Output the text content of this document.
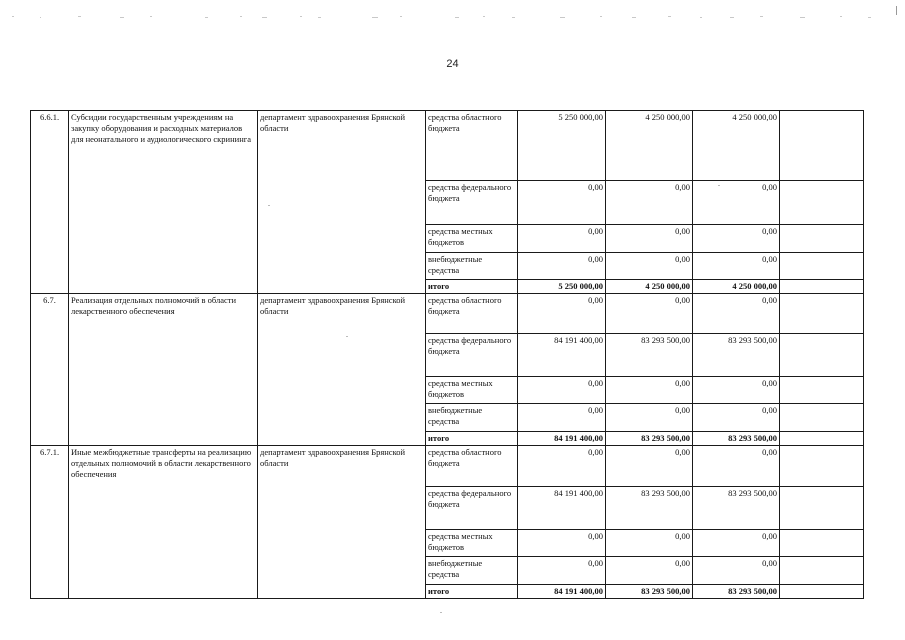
24
6.6.1.	Субсидии государственным учреждениям на закупку оборудования и расходных материалов для неонатального и аудиологического скрининга	департамент здравоохранения Брянской области	средства областного бюджета	5 250 000,00	4 250 000,00	4 250 000,00	
			средства федерального бюджета	0,00	0,00	0,00	
			средства местных бюджетов	0,00	0,00	0,00	
			внебюджетные средства	0,00	0,00	0,00	
			итого	5 250 000,00	4 250 000,00	4 250 000,00	
6.7.	Реализация отдельных полномочий в области лекарственного обеспечения	департамент здравоохранения Брянской области	средства областного бюджета	0,00	0,00	0,00	
			средства федерального бюджета	84 191 400,00	83 293 500,00	83 293 500,00	
			средства местных бюджетов	0,00	0,00	0,00	
			внебюджетные средства	0,00	0,00	0,00	
			итого	84 191 400,00	83 293 500,00	83 293 500,00	
6.7.1.	Иные межбюджетные трансферты на реализацию отдельных полномочий в области лекарственного обеспечения	департамент здравоохранения Брянской области	средства областного бюджета	0,00	0,00	0,00	
			средства федерального бюджета	84 191 400,00	83 293 500,00	83 293 500,00	
			средства местных бюджетов	0,00	0,00	0,00	
			внебюджетные средства	0,00	0,00	0,00	
			итого	84 191 400,00	83 293 500,00	83 293 500,00	
